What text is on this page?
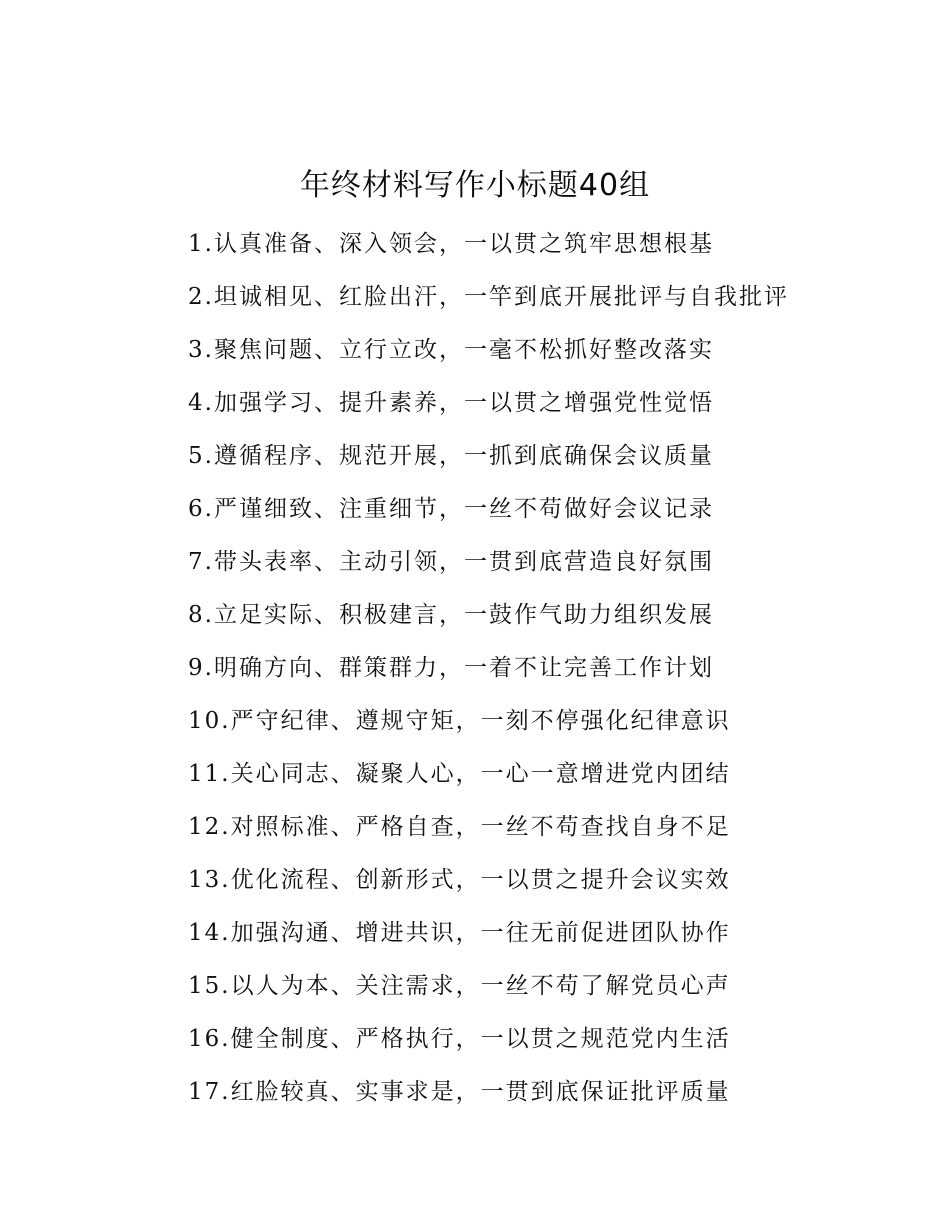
年终材料写作小标题40组
1.认真准备、深入领会，一以贯之筑牢思想根基
2.坦诚相见、红脸出汗，一竿到底开展批评与自我批评
3.聚焦问题、立行立改，一毫不松抓好整改落实
4.加强学习、提升素养，一以贯之增强党性觉悟
5.遵循程序、规范开展，一抓到底确保会议质量
6.严谨细致、注重细节，一丝不苟做好会议记录
7.带头表率、主动引领，一贯到底营造良好氛围
8.立足实际、积极建言，一鼓作气助力组织发展
9.明确方向、群策群力，一着不让完善工作计划
10.严守纪律、遵规守矩，一刻不停强化纪律意识
11.关心同志、凝聚人心，一心一意增进党内团结
12.对照标准、严格自查，一丝不苟查找自身不足
13.优化流程、创新形式，一以贯之提升会议实效
14.加强沟通、增进共识，一往无前促进团队协作
15.以人为本、关注需求，一丝不苟了解党员心声
16.健全制度、严格执行，一以贯之规范党内生活
17.红脸较真、实事求是，一贯到底保证批评质量
